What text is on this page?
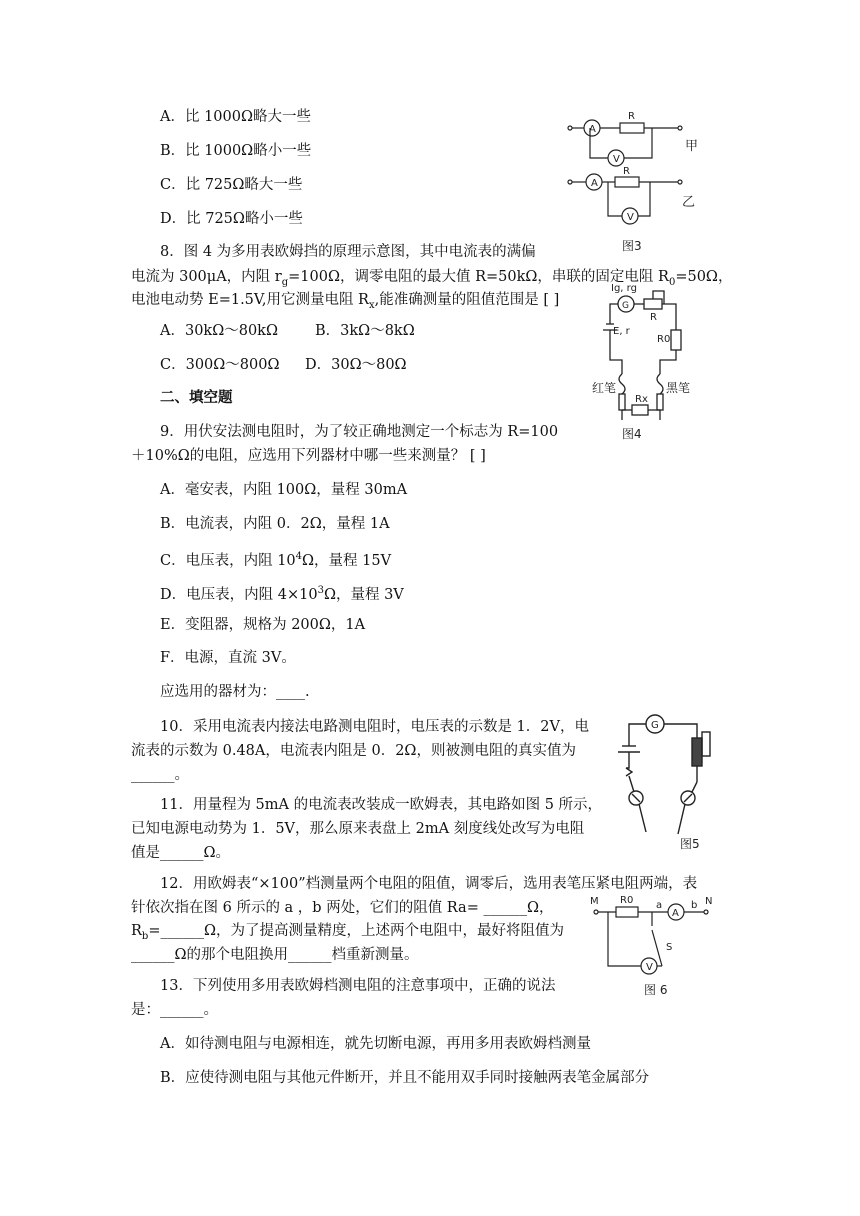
A．比 1000Ω略大一些
B．比 1000Ω略小一些
C．比 725Ω略大一些
D．比 725Ω略小一些
8．图 4 为多用表欧姆挡的原理示意图，其中电流表的满偏
电流为 300μA，内阻 $r_g=100\Omega$，调零电阻的最大值 R=50kΩ，串联的固定电阻 $R_0=50\Omega$，
电池电动势 E=1.5V,用它测量电阻 $R_x$,能准确测量的阻值范围是 [ ]
A．30kΩ～80kΩ	B．3kΩ～8kΩ
C．300Ω～800Ω D．30Ω～80Ω
二、填空题
9．用伏安法测电阻时，为了较正确地测定一个标志为 R=100
＋10%Ω的电阻，应选用下列器材中哪一些来测量？ [ ]
A．毫安表，内阻 100Ω，量程 30mA
B．电流表，内阻 0．2Ω，量程 1A
C．电压表，内阻 $10^4\Omega$，量程 15V
D．电压表，内阻 $4\times 10^3\Omega$，量程 3V
E．变阻器，规格为 200Ω，1A
F．电源，直流 3V。
应选用的器材为：____.
10．采用电流表内接法电路测电阻时，电压表的示数是 1．2V，电
流表的示数为 0.48A，电流表内阻是 0．2Ω，则被测电阻的真实值为
______。
11．用量程为 5mA 的电流表改装成一欧姆表，其电路如图 5 所示，
已知电源电动势为 1．5V，那么原来表盘上 2mA 刻度线处改写为电阻
值是______Ω。
12．用欧姆表“×100”档测量两个电阻的阻值，调零后，选用表笔压紧电阻两端，表
针依次指在图 6 所示的 a ，b 两处，它们的阻值 Ra= ______Ω，
$R_b=\_\_\_\_\_\_\Omega$，为了提高测量精度，上述两个电阻中，最好将阻值为
______Ω的那个电阻换用______档重新测量。
13．下列使用多用表欧姆档测电阻的注意事项中，正确的说法
是：______。
A．如待测电阻与电源相连，就先切断电源，再用多用表欧姆档测量
B．应使待测电阻与其他元件断开，并且不能用双手同时接触两表笔金属部分
A
V
A
V
R
R
甲
乙
图3
Ig, rg
G
R
E, r
R0
红笔	黑笔
Rx
图4
G
图5
M R0 a
A
b N
S
V
图 6
